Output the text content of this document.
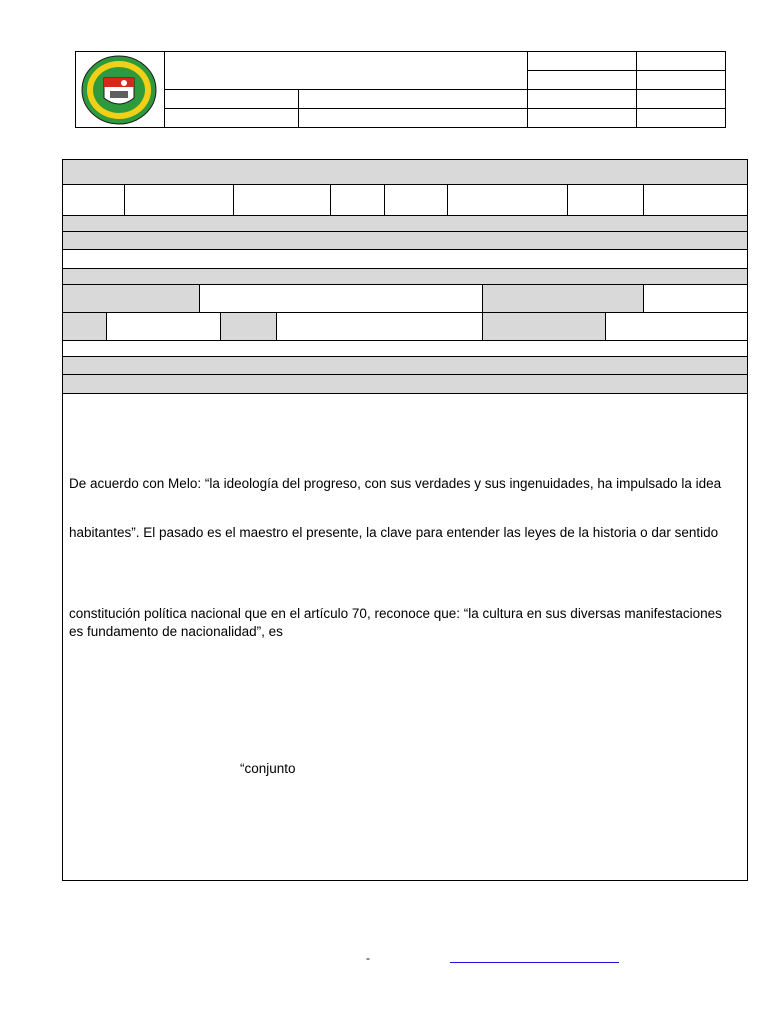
De acuerdo con Melo: “la ideología del progreso, con sus verdades y sus ingenuidades, ha impulsado la idea
habitantes”. El pasado es el maestro el presente, la clave para entender las leyes de la historia o dar sentido
constitución política nacional que en el artículo 70, reconoce que: “la cultura en sus diversas manifestaciones
es fundamento de nacionalidad”, es
“conjunto
-
